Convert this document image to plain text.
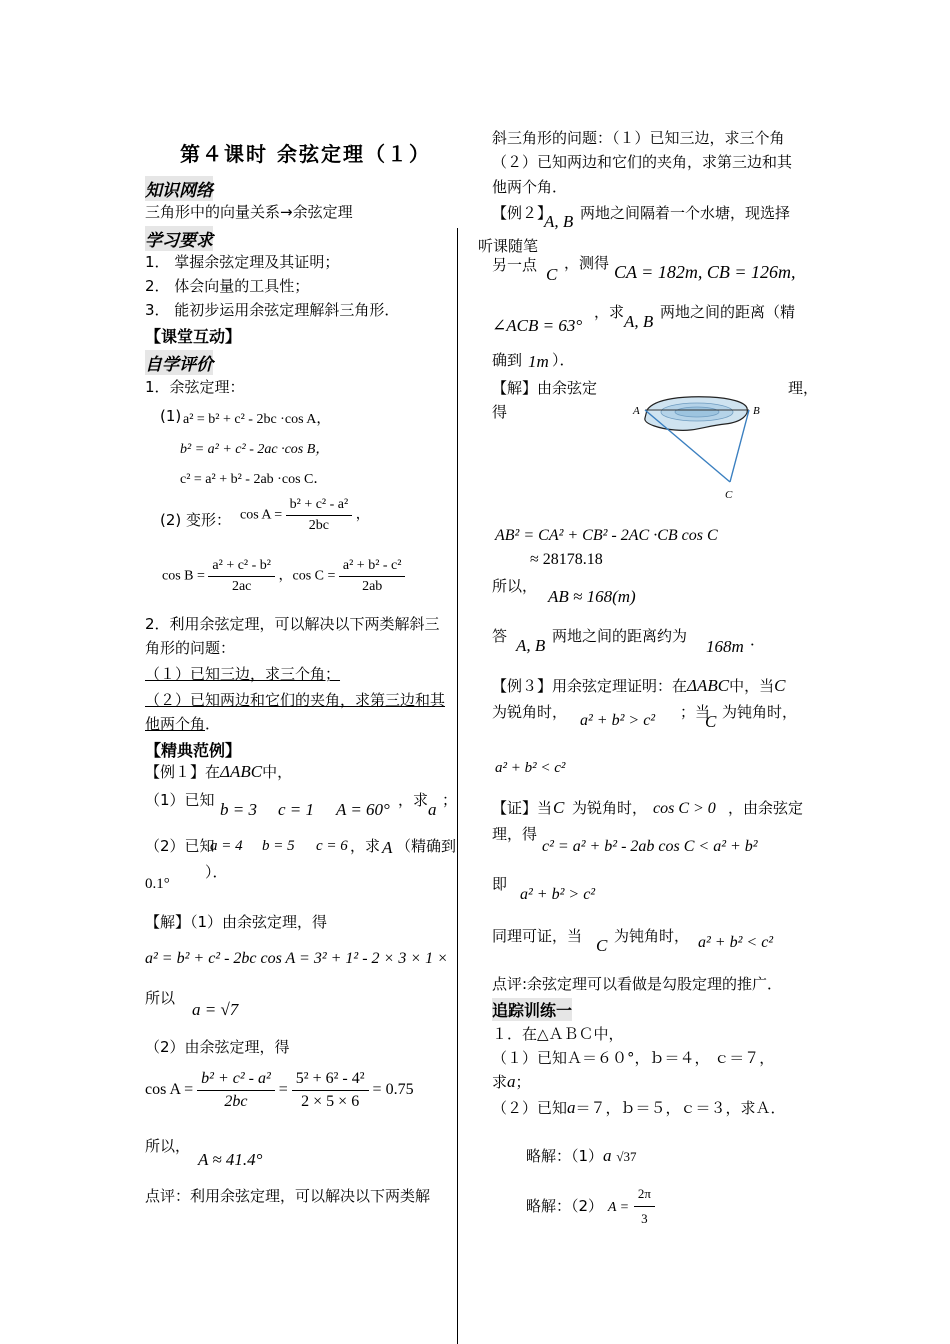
第４课时 余弦定理（１）
知识网络
三角形中的向量关系→余弦定理
学习要求
1． 掌握余弦定理及其证明；
2． 体会向量的工具性；
3． 能初步运用余弦定理解斜三角形．
【课堂互动】
自学评价
1．余弦定理：
(1) a² = b² + c² - 2bc ·cos A，
b² = a² + c² - 2ac ·cos B，
c² = a² + b² - 2ab ·cos C．
(2) 变形： $\cos A = \frac{\text{b² + c² - a²}}{2bc}$ ，
$\cos B = \frac{\text{a² + c² - b²}}{2ac}$ ，$\cos C = \frac{\text{a² + b² - c²}}{2ab}$
2．利用余弦定理，可以解决以下两类解斜三
角形的问题：
（１）已知三边，求三个角；
（２）已知两边和它们的夹角，求第三边和其
他两个角．
【精典范例】
【例１】在ΔABC中，
（1）已知 b = 3 c = 1 A = 60° ，求 a ；
（2）已知
a = 4 b = 5 c = 6 ，求 A （精确到
）．
0.1°
【解】（1）由余弦定理，得
a² = b² + c² - 2bc cos A = 3² + 1² - 2 × 3 × 1 ×
所以
a = √7
（2）由余弦定理，得
$\cos A = \frac{\text{b² + c² - a²}}{2bc} = \frac{\text{5² + 6² - 4²}}{2 \times 5 \times 6} = 0.75$
所以，
A ≈ 41.4°
点评：利用余弦定理，可以解决以下两类解
斜三角形的问题：（１）已知三边，求三个角
（２）已知两边和它们的夹角，求第三边和其
他两个角．
【例２】
A, B 两地之间隔着一个水塘，现选择
听课随笔
另一点 C
，测得 CA = 182m, CB = 126m,
∠ACB = 63°
，求 A, B 两地之间的距离（精
确到 1m ）．
【解】由余弦定	理，
得	A	B
C
AB² = CA² + CB² - 2AC ·CB cos C
≈ 28178.18
所以，
AB ≈ 168(m)
答 A, B 两地之间的距离约为
168m ．
【例３】用余弦定理证明：在ΔABC中，当C
为锐角时， a² + b² > c² ；当
C 为钝角时，
a² + b² < c²
【证】当 C 为锐角时， cos C > 0 ，由余弦定
理，得
c² = a² + b² - 2ab cos C < a² + b²
即
a² + b² > c²
同理可证，当 C 为钝角时， a² + b² < c²
点评:余弦定理可以看做是勾股定理的推广．
追踪训练一
１．在△ＡＢＣ中，
（１）已知Ａ＝６０°，ｂ＝４， ｃ＝７，
求a；
（２）已知a＝７，ｂ＝５，ｃ＝３，求Ａ．
略解：（1）a √37
略解：（2） $A = \frac{2\pi}{3}$
